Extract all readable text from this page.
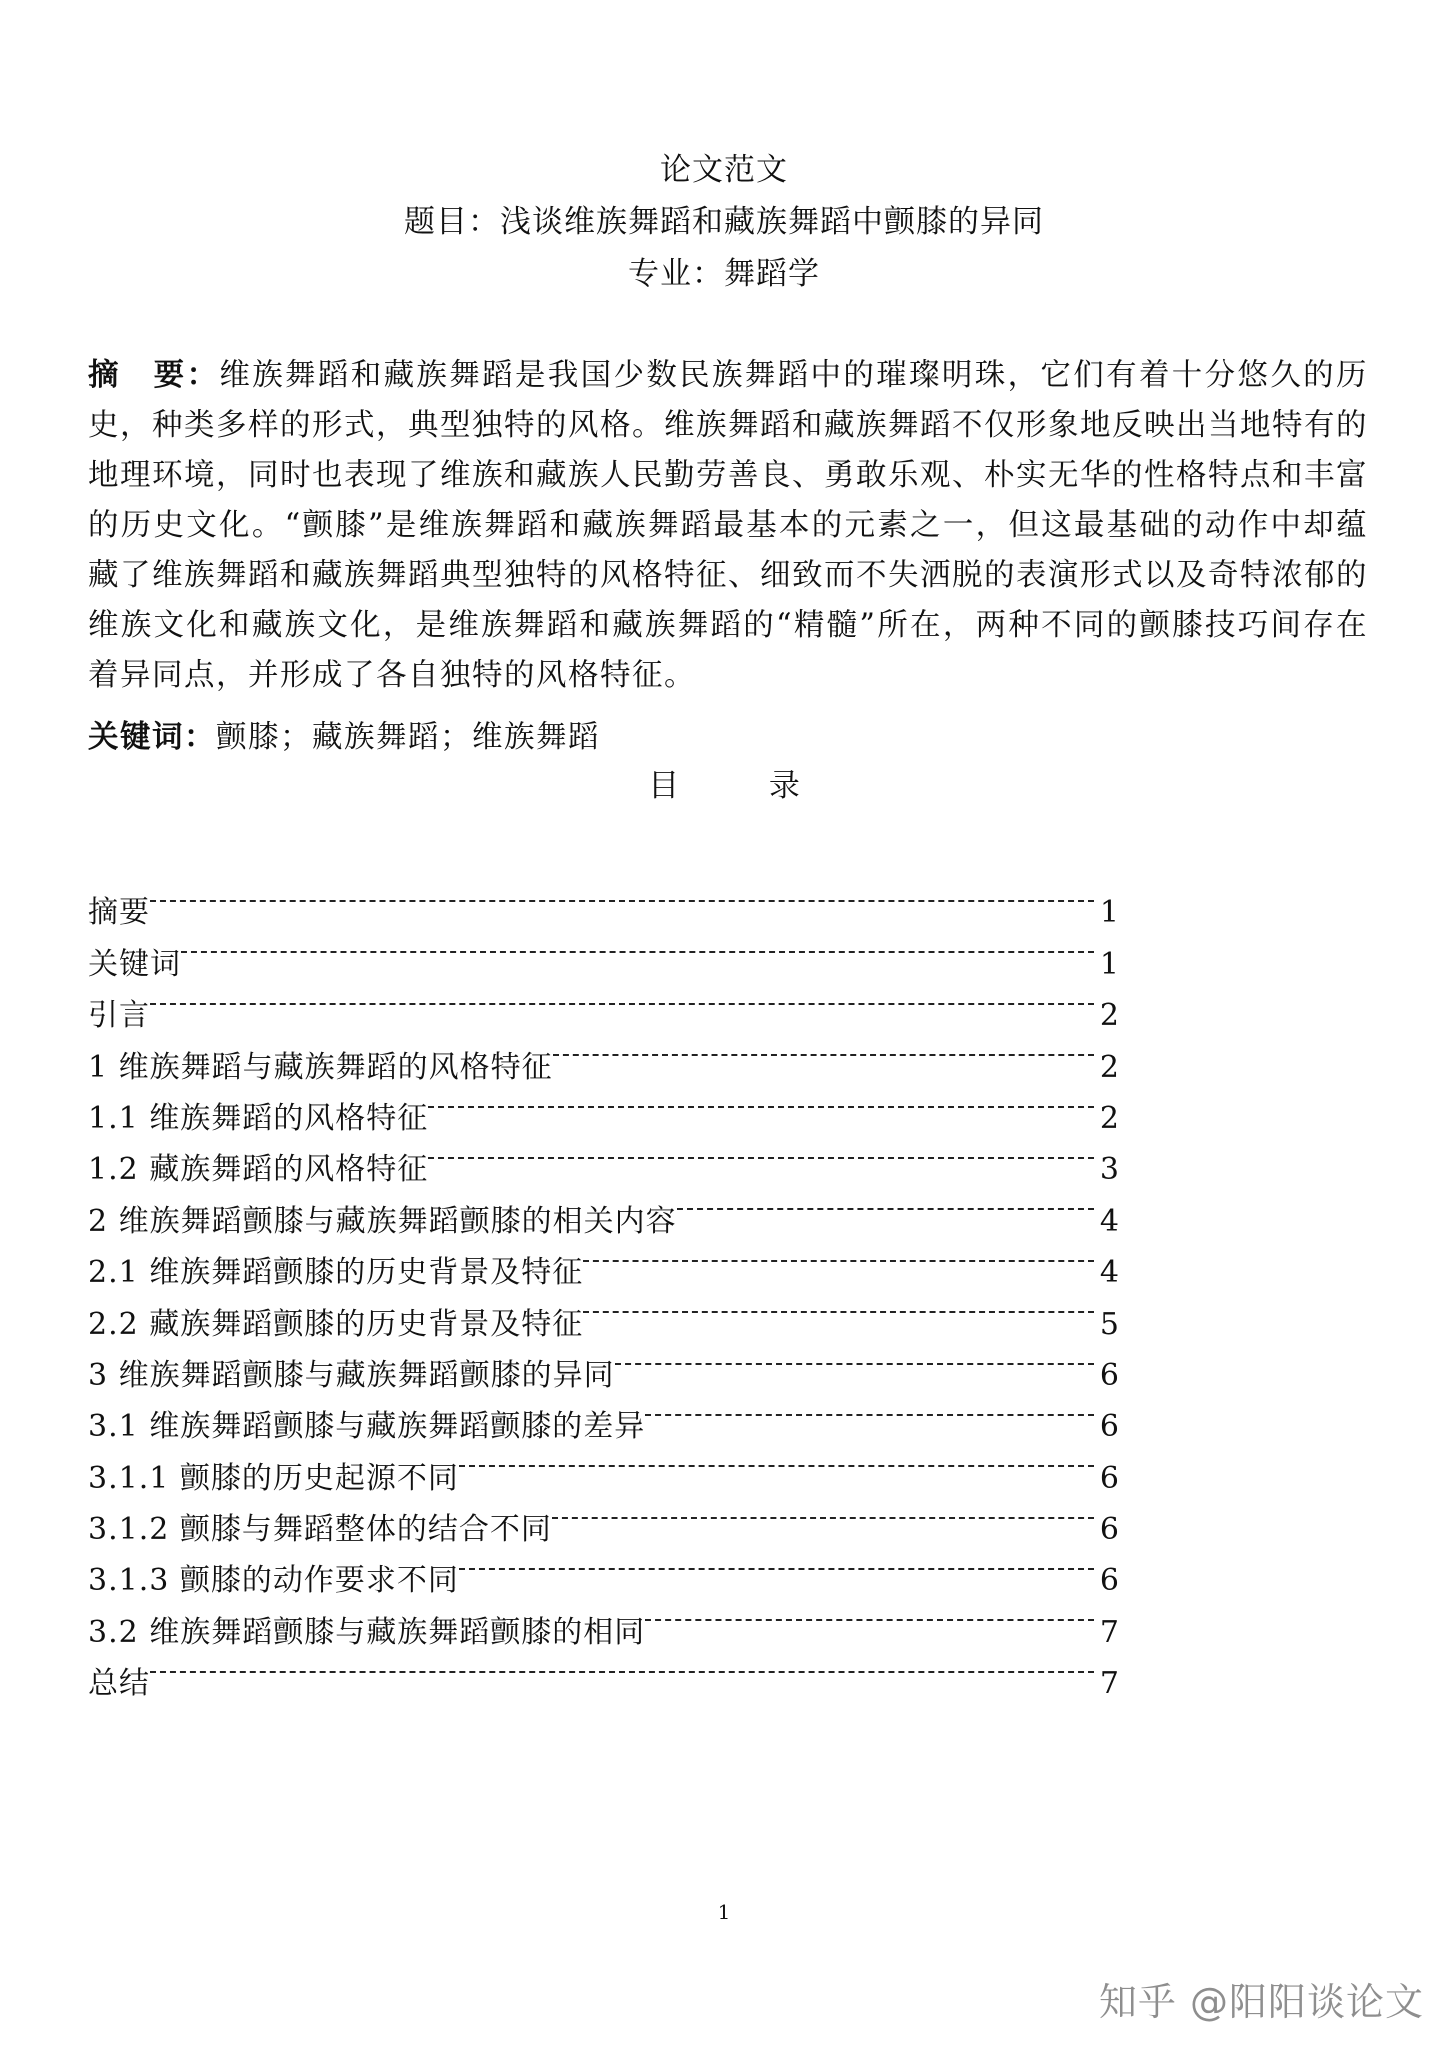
论文范文
题目：浅谈维族舞蹈和藏族舞蹈中颤膝的异同
专业：舞蹈学
摘　要：维族舞蹈和藏族舞蹈是我国少数民族舞蹈中的璀璨明珠，它们有着十分悠久的历史，种类多样的形式，典型独特的风格。维族舞蹈和藏族舞蹈不仅形象地反映出当地特有的地理环境，同时也表现了维族和藏族人民勤劳善良、勇敢乐观、朴实无华的性格特点和丰富的历史文化。“颤膝”是维族舞蹈和藏族舞蹈最基本的元素之一，但这最基础的动作中却蕴藏了维族舞蹈和藏族舞蹈典型独特的风格特征、细致而不失洒脱的表演形式以及奇特浓郁的维族文化和藏族文化，是维族舞蹈和藏族舞蹈的“精髓”所在，两种不同的颤膝技巧间存在着异同点，并形成了各自独特的风格特征。
关键词：颤膝；藏族舞蹈；维族舞蹈
目 录
摘要	1
关键词	1
引言	2
1 维族舞蹈与藏族舞蹈的风格特征	2
1.1 维族舞蹈的风格特征	2
1.2 藏族舞蹈的风格特征	3
2 维族舞蹈颤膝与藏族舞蹈颤膝的相关内容	4
2.1 维族舞蹈颤膝的历史背景及特征	4
2.2 藏族舞蹈颤膝的历史背景及特征	5
3 维族舞蹈颤膝与藏族舞蹈颤膝的异同	6
3.1 维族舞蹈颤膝与藏族舞蹈颤膝的差异	6
3.1.1 颤膝的历史起源不同	6
3.1.2 颤膝与舞蹈整体的结合不同	6
3.1.3 颤膝的动作要求不同	6
3.2 维族舞蹈颤膝与藏族舞蹈颤膝的相同	7
总结	7
1
知乎 @阳阳谈论文
